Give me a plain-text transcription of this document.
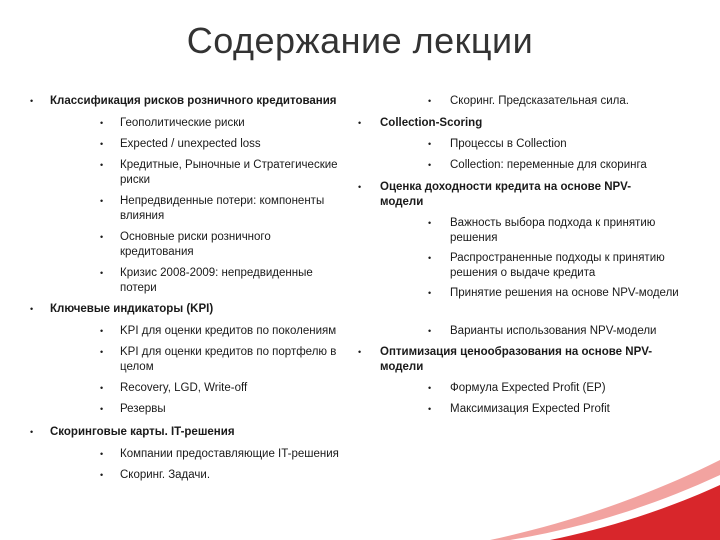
Содержание лекции
• Классификация рисков розничного кредитования
• Геополитические риски
• Expected / unexpected loss
• Кредитные, Рыночные и Стратегические риски
• Непредвиденные потери: компоненты влияния
• Основные риски розничного кредитования
• Кризис 2008-2009: непредвиденные потери
• Ключевые индикаторы (KPI)
• KPI для оценки кредитов по поколениям
• KPI для оценки кредитов по портфелю в целом
• Recovery, LGD, Write-off
• Резервы
• Скоринговые карты. IT-решения
• Компании предоставляющие IT-решения
• Скоринг. Задачи.
• Скоринг. Предсказательная сила.
• Collection-Scoring
• Процессы в Collection
• Collection: переменные для скоринга
• Оценка доходности кредита на основе NPV-модели
• Важность выбора подхода к принятию решения
• Распространенные подходы к принятию решения о выдаче кредита
• Принятие решения на основе NPV-модели
• Варианты использования NPV-модели
• Оптимизация ценообразования на основе NPV-модели
• Формула Expected Profit (EP)
• Максимизация Expected Profit
